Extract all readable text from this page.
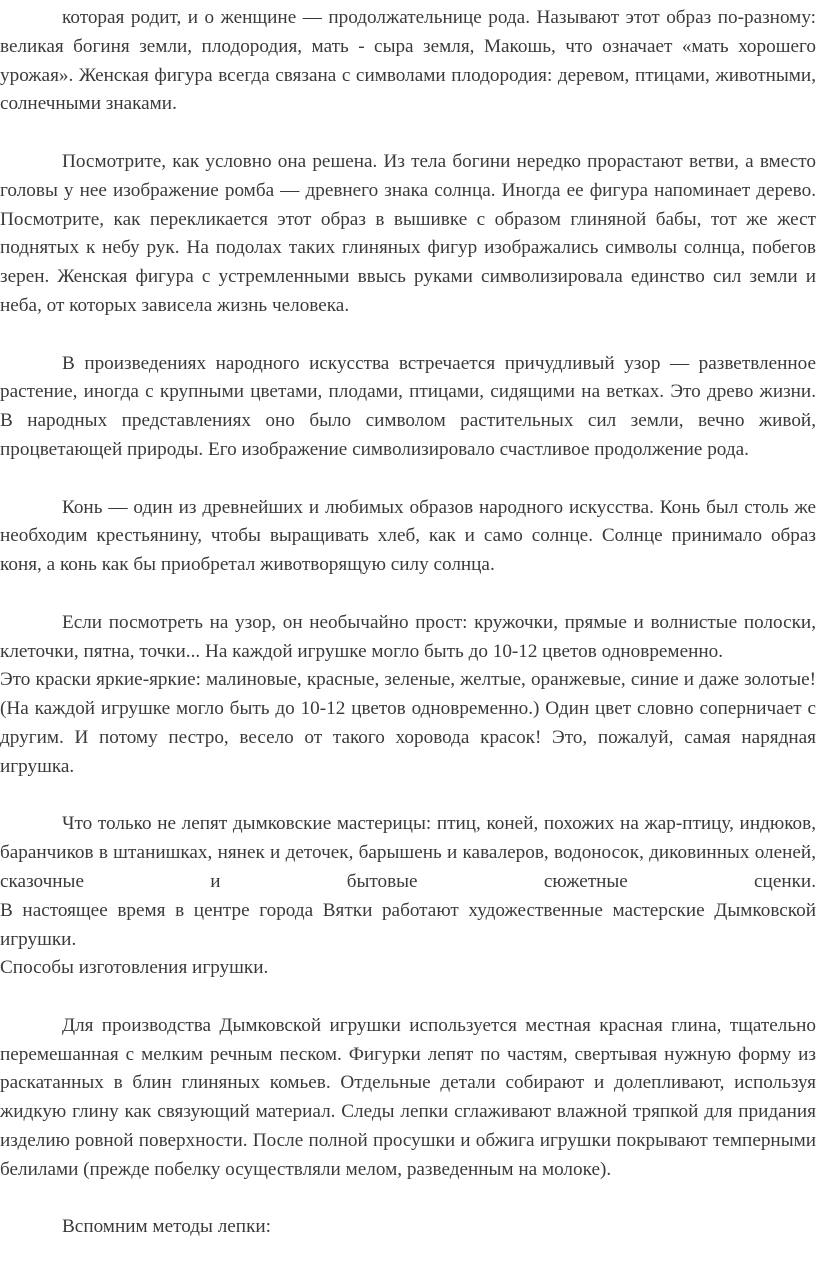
которая родит, и о женщине — продолжательнице рода. Называют этот образ по-разному: великая богиня земли, плодородия, мать - сыра земля, Макошь, что означает «мать хорошего урожая». Женская фигура всегда связана с символами плодородия: деревом, птицами, животными, солнечными знаками.

Посмотрите, как условно она решена. Из тела богини нередко прорастают ветви, а вместо головы у нее изображение ромба — древнего знака солнца. Иногда ее фигура напоминает дерево. Посмотрите, как перекликается этот образ в вышивке с образом глиняной бабы, тот же жест поднятых к небу рук. На подолах таких глиняных фигур изображались символы солнца, побегов зерен. Женская фигура с устремленными ввысь руками символизировала единство сил земли и неба, от которых зависела жизнь человека.

В произведениях народного искусства встречается причудливый узор — разветвленное растение, иногда с крупными цветами, плодами, птицами, сидящими на ветках. Это древо жизни. В народных представлениях оно было символом растительных сил земли, вечно живой, процветающей природы. Его изображение символизировало счастливое продолжение рода.

Конь — один из древнейших и любимых образов народного искусства. Конь был столь же необходим крестьянину, чтобы выращивать хлеб, как и само солнце. Солнце принимало образ коня, а конь как бы приобретал животворящую силу солнца.

Если посмотреть на узор, он необычайно прост: кружочки, прямые и волнистые полоски, клеточки, пятна, точки... На каждой игрушке могло быть до 10-12 цветов одновременно.

Это краски яркие-яркие: малиновые, красные, зеленые, желтые, оранжевые, синие и даже золотые! (На каждой игрушке могло быть до 10-12 цветов одновременно.) Один цвет словно соперничает с другим. И потому пестро, весело от такого хоровода красок! Это, пожалуй, самая нарядная игрушка.

Что только не лепят дымковские мастерицы: птиц, коней, похожих на жар-птицу, индюков, баранчиков в штанишках, нянек и деточек, барышень и кавалеров, водоносок, диковинных оленей, сказочные и бытовые сюжетные сценки.

В настоящее время в центре города Вятки работают художественные мастерские Дымковской игрушки.

Способы изготовления игрушки.

Для производства Дымковской игрушки используется местная красная глина, тщательно перемешанная с мелким речным песком. Фигурки лепят по частям, свертывая нужную форму из раскатанных в блин глиняных комьев. Отдельные детали собирают и долепливают, используя жидкую глину как связующий материал. Следы лепки сглаживают влажной тряпкой для придания изделию ровной поверхности. После полной просушки и обжига игрушки покрывают темперными белилами (прежде побелку осуществляли мелом, разведенным на молоке).

Вспомним методы лепки:
